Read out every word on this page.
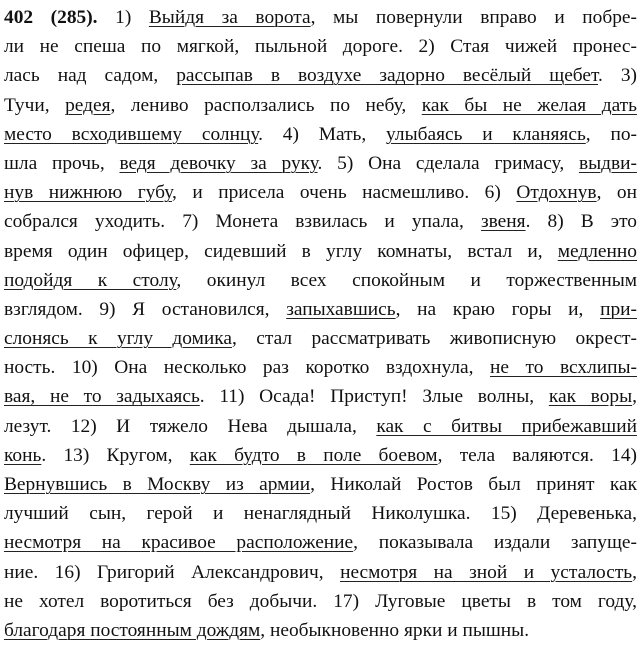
402 (285). 1) Выйдя за ворота, мы повернули вправо и побре-
ли не спеша по мягкой, пыльной дороге. 2) Стая чижей пронес-
лась над садом, рассыпав в воздухе задорно весёлый щебет. 3)
Тучи, редея, лениво расползались по небу, как бы не желая дать
место всходившему солнцу. 4) Мать, улыбаясь и кланяясь, по-
шла прочь, ведя девочку за руку. 5) Она сделала гримасу, выдви-
нув нижнюю губу, и присела очень насмешливо. 6) Отдохнув, он
собрался уходить. 7) Монета взвилась и упала, звеня. 8) В это
время один офицер, сидевший в углу комнаты, встал и, медленно
подойдя к столу, окинул всех спокойным и торжественным
взглядом. 9) Я остановился, запыхавшись, на краю горы и, при-
слонясь к углу домика, стал рассматривать живописную окрест-
ность. 10) Она несколько раз коротко вздохнула, не то всхлипы-
вая, не то задыхаясь. 11) Осада! Приступ! Злые волны, как воры,
лезут. 12) И тяжело Нева дышала, как с битвы прибежавший
конь. 13) Кругом, как будто в поле боевом, тела валяются. 14)
Вернувшись в Москву из армии, Николай Ростов был принят как
лучший сын, герой и ненаглядный Николушка. 15) Деревенька,
несмотря на красивое расположение, показывала издали запуще-
ние. 16) Григорий Александрович, несмотря на зной и усталость,
не хотел воротиться без добычи. 17) Луговые цветы в том году,
благодаря постоянным дождям, необыкновенно ярки и пышны.
